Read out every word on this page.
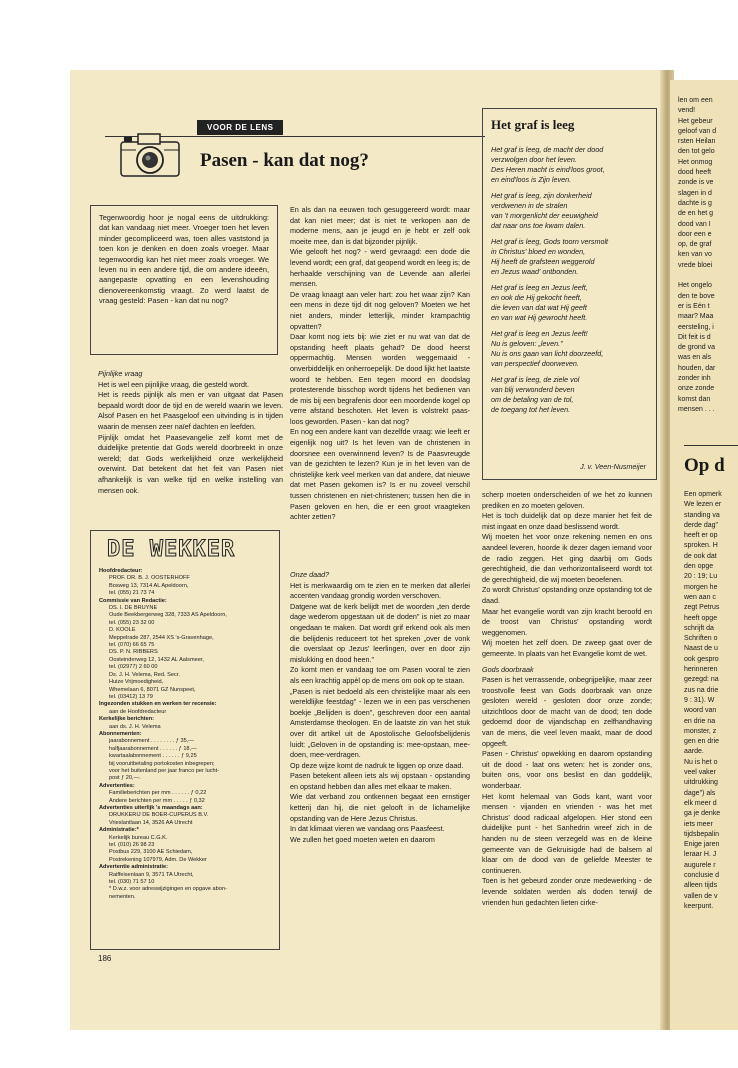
len om een
vend!
Het gebeur
geloof van d
rsten Heilan
den tot gelo
Het onmog
dood heeft
zonde is ve
slagen in d
dachte is g
de en het g
dood van I
door een e
op, de graf
ken van vo
vrede bloei

Het ongelo
den te bove
er is Eén t
maar? Maa
eersteling, i
Dit feit is d
de grond va
was en als
houden, dar
zonder inh
onze zonde
komst dan
mensen . . .
Op d
Een opmerk
We lezen er
standing va
derde dag"
heeft er op
sproken. H
de ook dat
den opge
20 : 19; Lu
morgen he
wen aan c
zegt Petrus
heeft opge
schrijft da
Schriften o
Naast de u
ook gespro
herinneren
gezegd: na
zus na drie
9 : 31). W
woord van
en drie na
monster, z
gen en drie
aarde.
Nu is het o
veel vaker
uitdrukking
dage") als
elk meer d
ga je denke
iets meer
tijdsbepalin
Enige jaren
leraar H. J
augurele r
conclusie d
alleen tijds
vallen de v
keerpunt.
VOOR DE LENS
Pasen - kan dat nog?

Tegenwoordig hoor je nogal eens de uitdrukking: dat kan vandaag niet meer. Vroeger toen het leven minder gecompliceerd was, toen alles vaststond ja toen kon je denken en doen zoals vroeger. Maar tegenwoordig kan het niet meer zoals vroeger. We leven nu in een andere tijd, die om andere ideeën, aangepaste opvatting en een levenshouding dienovereenkomstig vraagt. Zo werd laatst de vraag gesteld: Pasen - kan dat nu nog?

Pijnlijke vraag

Het is wel een pijnlijke vraag, die gesteld wordt.

Het is reeds pijnlijk als men er van uitgaat dat Pasen bepaald wordt door de tijd en de wereld waarin we leven. Alsof Pasen en het Paasgeloof een uitvinding is in tijden waarin de mensen zeer naïef dachten en leefden.

Pijnlijk omdat het Paasevangelie zelf komt met de duidelijke pretentie dat Gods wereld doorbreekt in onze wereld; dat Gods werkelijkheid onze werkelijkheid overwint. Dat betekent dat het feit van Pasen niet afhankelijk is van welke tijd en welke instelling van mensen ook.

En als dan na eeuwen toch gesuggereerd wordt: maar dat kan niet meer; dat is niet te verkopen aan de moderne mens, aan je jeugd en je hebt er zelf ook moeite mee, dan is dat bijzonder pijnlijk.

Wie gelooft het nog? - werd gevraagd: een dode die levend wordt; een graf, dat geopend wordt en leeg is; de herhaalde verschijning van de Levende aan allerlei mensen.

De vraag knaagt aan veler hart: zou het waar zijn? Kan een mens in deze tijd dit nog geloven? Moeten we het niet anders, minder letterlijk, minder krampachtig opvatten?

Daar komt nog iets bij: wie ziet er nu wat van dat de opstanding heeft plaats gehad? De dood heerst oppermachtig. Mensen worden weggemaaid - onverbiddelijk en onherroepelijk. De dood lijkt het laatste woord te hebben. Een tegen moord en doodslag protesterende bisschop wordt tijdens het bedienen van de mis bij een begrafenis door een moordende kogel op verre afstand beschoten. Het leven is volstrekt paas-loos geworden. Pasen - kan dat nog?

En nog een andere kant van dezelfde vraag: wie leeft er eigenlijk nog uit? Is het leven van de christenen in doorsnee een overwinnend leven? Is de Paasvreugde van de gezichten te lezen? Kun je in het leven van de christelijke kerk veel merken van dat andere, dat nieuwe dat met Pasen gekomen is? Is er nu zoveel verschil tussen christenen en niet-christenen; tussen hen die in Pasen geloven en hen, die er een groot vraagteken achter zetten?

Onze daad?

Het is merkwaardig om te zien en te merken dat allerlei accenten vandaag grondig worden verschoven.

Datgene wat de kerk belijdt met de woorden „ten derde dage wederom opgestaan uit de doden" is niet zo maar ongedaan te maken. Dat wordt grif erkend ook als men die belijdenis reduceert tot het spreken „over de vonk die overslaat op Jezus' leerlingen, over en door zijn mislukking en dood heen."

Zo komt men er vandaag toe om Pasen vooral te zien als een krachtig appèl op de mens om ook op te staan.

„Pasen is niet bedoeld als een christelijke maar als een wereldlijke feestdag" - lezen we in een pas verschenen boekje „Belijden is doen", geschreven door een aantal Amsterdamse theologen. En de laatste zin van het stuk over dit artikel uit de Apostolische Geloofsbelijdenis luidt: „Geloven in de opstanding is: mee-opstaan, mee-doen, mee-verdragen.

Op deze wijze komt de nadruk te liggen op onze daad.

Pasen betekent alleen iets als wij opstaan - opstanding en opstand hebben dan alles met elkaar te maken.

Wie dat verband zou ontkennen begaat een ernstiger ketterij dan hij, die niet gelooft in de lichamelijke opstanding van de Here Jezus Christus.

In dat klimaat vieren we vandaag ons Paasfeest.

We zullen het goed moeten weten en daarom

scherp moeten onderscheiden of we het zo kunnen prediken en zo moeten geloven.

Het is toch duidelijk dat op deze manier het feit de mist ingaat en onze daad beslissend wordt.

Wij moeten het voor onze rekening nemen en ons aandeel leveren, hoorde ik dezer dagen iemand voor de radio zeggen. Het ging daarbij om Gods gerechtigheid, die dan verhorizontaliseerd wordt tot de gerechtigheid, die wij moeten beoefenen.

Zo wordt Christus' opstanding onze opstanding tot de daad.

Maar het evangelie wordt van zijn kracht beroofd en de troost van Christus' opstanding wordt weggenomen.

Wij moeten het zelf doen. De zweep gaat over de gemeente. In plaats van het Evangelie komt de wet.

Gods doorbraak

Pasen is het verrassende, onbegrijpelijke, maar zeer troostvolle feest van Gods doorbraak van onze gesloten wereld - gesloten door onze zonde; uitzichtloos door de macht van de dood; ten dode gedoemd door de vijandschap en zelfhandhaving van de mens, die veel leven maakt, maar de dood opgeeft.

Pasen - Christus' opwekking en daarom opstanding uit de dood - laat ons weten: het is zonder ons, buiten ons, voor ons beslist en dan goddelijk, wonderbaar.

Het komt helemaal van Gods kant, want voor mensen - vijanden en vrienden - was het met Christus' dood radicaal afgelopen. Hier stond een duidelijke punt - het Sanhedrin wreef zich in de handen nu de steen verzegeld was en de kleine gemeente van de Gekruisigde had de balsem al klaar om de dood van de geliefde Meester te continueren.

Toen is het gebeurd zonder onze medewerking - de levende soldaten werden als doden terwijl de vrienden hun gedachten lieten cirke-

Het graf is leeg

Het graf is leeg, de macht der dood
verzwolgen door het leven.
Des Heren macht is eind'loos groot,
en eind'loos is Zijn leven.

Het graf is leeg, zijn donkerheid
verdwenen in de stralen
van 't morgenlicht der eeuwigheid
dat naar ons toe kwam dalen.

Het graf is leeg, Gods toorn versmolt
in Christus' bloed en wonden,
Hij heeft de grafsteen weggerold
en Jezus waad' ontbonden.

Het graf is leeg en Jezus leeft,
en ook die Hij gekocht heeft,
die leven van dat wat Hij geeft
en van wat Hij gewrocht heeft.

Het graf is leeg en Jezus leeft!
Nu is geloven: „leven."
Nu is ons gaan van licht doorzeefd,
van perspectief doorweven.

Het graf is leeg, de ziele vol
van blij verwonderd beven
om de betaling van de tol,
de toegang tot het leven.

J. v. Veen-Nusmeijer
DE WEKKER
Hoofdredacteur:
PROF. DR. B. J. OOSTERHOFF
Bosweg 13, 7314 AL Apeldoorn,
tel. (055) 21 73 74
Commissie van Redactie:
DS. I. DE BRUYNE
Oude Beekbergerweg 328, 7333 AS Apeldoorn,
tel. (055) 23 32 00
D. KOOLE
Meppelrade 287, 2544 XS 's-Gravenhage,
tel. (070) 66 65 75
DS. P. N. RIBBERS
Oosteinderweg 12, 1432 AL Aalsmeer,
tel. (02977) 2 60 00
Ds. J. H. Velema, Red. Secr.
Huize Vrijmoedigheid,
Whemelaan 6, 8071 GZ Nunspeet,
tel. (03412) 13 79
Ingezonden stukken en werken ter recensie:
aan de Hoofdredacteur
Kerkelijke berichten:
aan ds. J. H. Velema
Abonnementen:
jaarabonnement . . . . . . . . ƒ 35,—
halfjaarabonnement . . . . . . ƒ 18,—
kwartaalabonnement . . . . . . ƒ 9,25
bij vooruitbetaling portokosten inbegrepen;
voor het buitenland per jaar franco per lucht-
post ƒ 20,—.
Advertenties:
Familieberichten per mm . . . . . . ƒ 0,22
Andere berichten per mm . . . . . ƒ 0,32
Advertenties uiterlijk 's maandags aan:
DRUKKERIJ DE BOER-CUPERUS B.V.
Vrieslantlaan 14, 3526 AA Utrecht
Administratie:*
Kerkelijk bureau C.G.K.
tel. (010) 26 98 23
Postbus 229, 3100 AE Schiedam,
Postrekening 107979, Adm. De Wekker
Advertentie administratie:
Raiffeisenlaan 9, 3571 TA Utrecht,
tel. (030) 71 57 10
* D.w.z. voor adreswijzigingen en opgave abon-
nementen.
186
